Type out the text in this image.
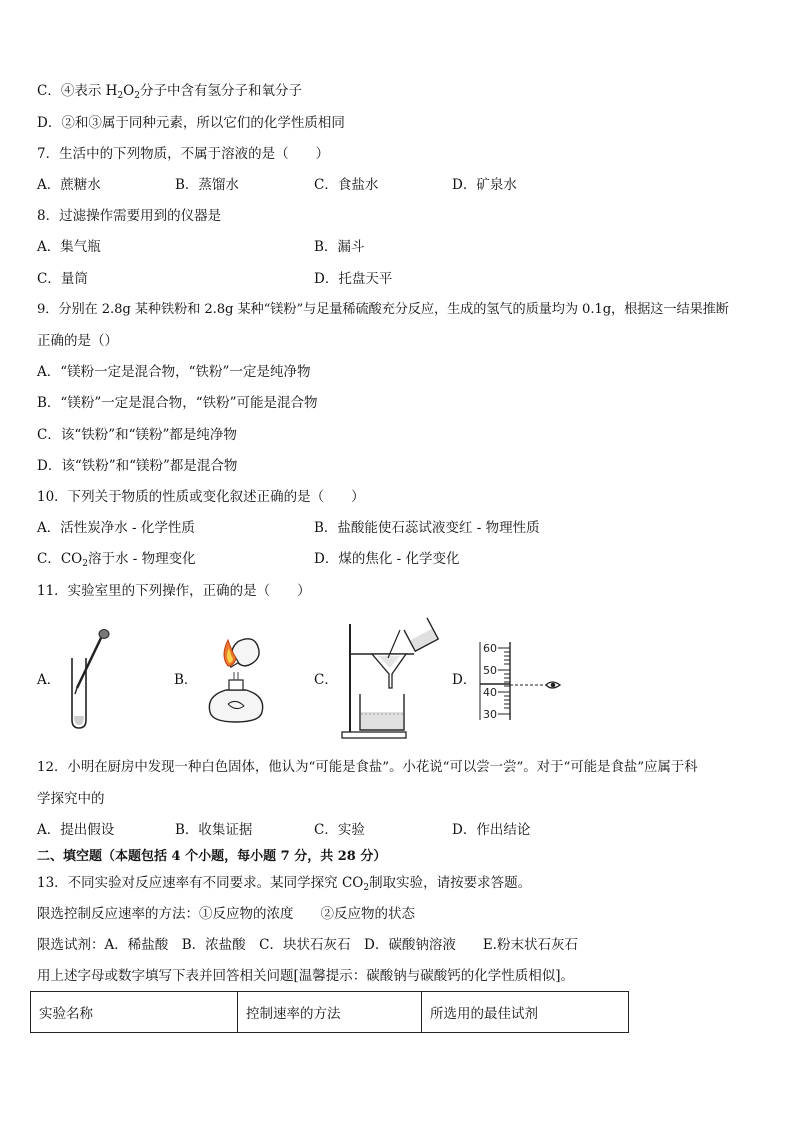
C．④表示 $H_2O_2$分子中含有氢分子和氧分子
D．②和③属于同种元素，所以它们的化学性质相同
7．生活中的下列物质，不属于溶液的是（　　）
A．蔗糖水	B．蒸馏水	C．食盐水	D．矿泉水
8．过滤操作需要用到的仪器是
A．集气瓶	B．漏斗
C．量筒	D．托盘天平
9．分别在 2.8g 某种铁粉和 2.8g 某种“镁粉”与足量稀硫酸充分反应，生成的氢气的质量均为 0.1g，根据这一结果推断
正确的是（）
A．“镁粉一定是混合物，“铁粉”一定是纯净物
B．“镁粉”一定是混合物，“铁粉”可能是混合物
C．该“铁粉”和“镁粉”都是纯净物
D．该“铁粉”和“镁粉”都是混合物
10．下列关于物质的性质或变化叙述正确的是（　　）
A．活性炭净水 - 化学性质	B．盐酸能使石蕊试液变红 - 物理性质
C．$CO_2$溶于水 - 物理变化	D．煤的焦化 - 化学变化
11．实验室里的下列操作，正确的是（　　）
A．	B．	C．	D．
60
50
40
30
12．小明在厨房中发现一种白色固体，他认为“可能是食盐”。小花说“可以尝一尝”。对于“可能是食盐”应属于科
学探究中的
A．提出假设	B．收集证据	C．实验	D．作出结论
二、填空题（本题包括 4 个小题，每小题 7 分，共 28 分）
13．不同实验对反应速率有不同要求。某同学探究 $CO_2$制取实验，请按要求答题。
限选控制反应速率的方法：①反应物的浓度　　②反应物的状态
限选试剂：A．稀盐酸　B．浓盐酸　C．块状石灰石　D．碳酸钠溶液　　E.粉末状石灰石
用上述字母或数字填写下表并回答相关问题[温馨提示：碳酸钠与碳酸钙的化学性质相似]。
实验名称	控制速率的方法	所选用的最佳试剂
